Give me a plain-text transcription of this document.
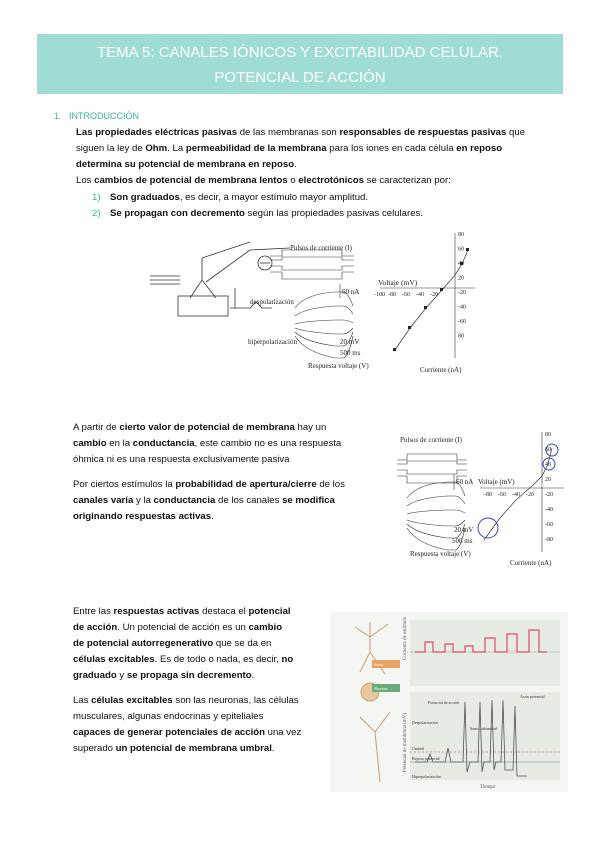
TEMA 5: CANALES IÓNICOS Y EXCITABILIDAD CELULAR.
POTENCIAL DE ACCIÓN
1. INTRODUCCIÓN
Las propiedades eléctricas pasivas de las membranas son responsables de respuestas pasivas que
siguen la ley de Ohm. La permeabilidad de la membrana para los iones en cada célula en reposo
determina su potencial de membrana en reposo.
Los cambios de potencial de membrana lentos o electrotónicos se caracterizan por:
1) Son graduados, es decir, a mayor estímulo mayor amplitud.
2) Se propagan con decremento según las propiedades pasivas celulares.
Pulsos de corriente (I)
60 nA
despolarización
hiperpolarización	20 mV
500 ms
Respuesta voltaje (V)
Voltaje (mV)
Corriente (nA)
80
60
40
20
-20
-40
-60
80
-100 -80 -60 -40 -20
A partir de cierto valor de potencial de membrana hay un
cambio en la conductancia, este cambio no es una respuesta
óhmica ni es una respuesta exclusivamente pasiva
Por ciertos estímulos la probabilidad de apertura/cierre de los
canales varía y la conductancia de los canales se modifica
originando respuestas activas.
Pulsos de corriente (I)
60 nA
20 mV
500 ms
Respuesta voltaje (V)
Voltaje (mV)
Corriente (nA)
80
60
40
20
-20
-40
-60
-80
-80 -60 -40 -20
Entre las respuestas activas destaca el potencial
de acción. Un potencial de acción es un cambio
de potencial autorregenerativo que se da en
células excitables. Es de todo o nada, es decir, no
graduado y se propaga sin decremento.
Las células excitables son las neuronas, las células
musculares, algunas endocrinas y epiteliales
capaces de generar potenciales de acción una vez
superado un potencial de membrana umbral.
Corriente de estímulo
Potencial de membrana (mV)
Tiempo
Soma
Neurona
Axon potencial
Sumo subumbral
Despolarización
Hiperpolarización
Umbral
Reposo potencial
Potencial de acción
